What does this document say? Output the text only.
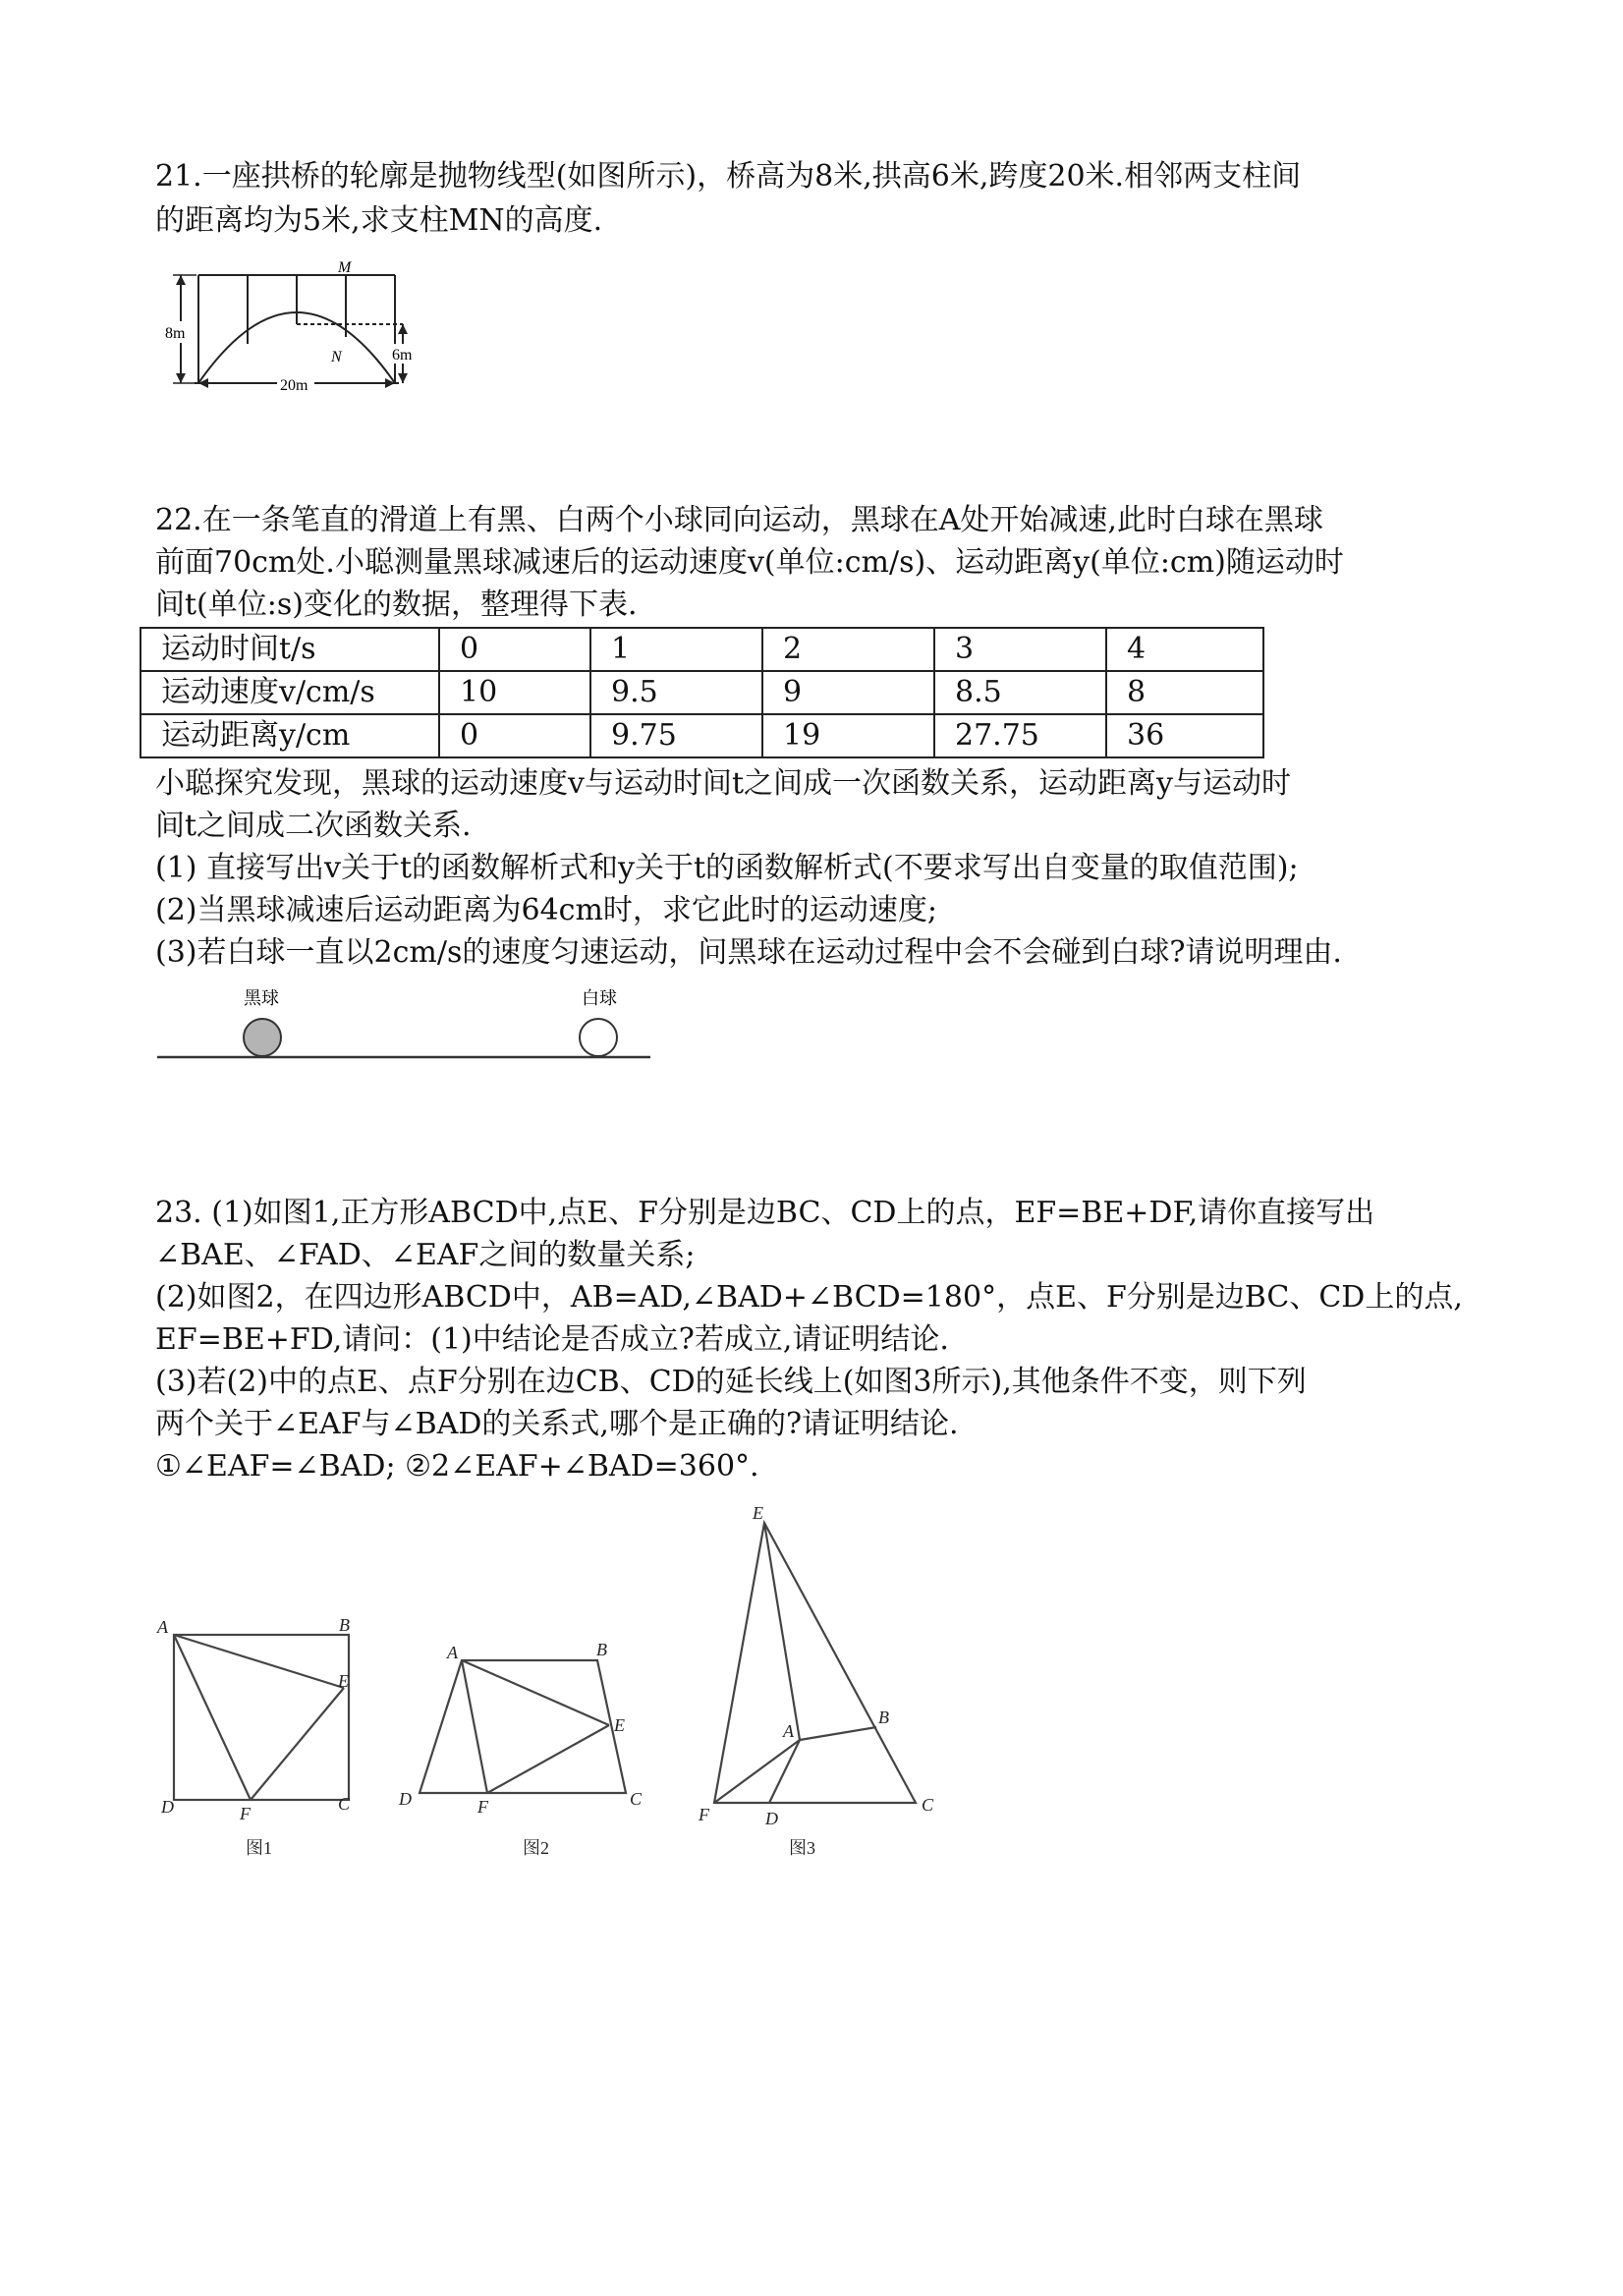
21.一座拱桥的轮廓是抛物线型(如图所示)，桥高为8米,拱高6米,跨度20米.相邻两支柱间
的距离均为5米,求支柱MN的高度.
8m
6m
20m
M
N
22.在一条笔直的滑道上有黑、白两个小球同向运动，黑球在A处开始减速,此时白球在黑球
前面70cm处.小聪测量黑球减速后的运动速度v(单位:cm/s)、运动距离y(单位:cm)随运动时
间t(单位:s)变化的数据，整理得下表.
运动时间t/s	0	1	2	3	4
运动速度v/cm/s	10	9.5	9	8.5	8
运动距离y/cm	0	9.75	19	27.75	36
小聪探究发现，黑球的运动速度v与运动时间t之间成一次函数关系，运动距离y与运动时
间t之间成二次函数关系.
(1) 直接写出v关于t的函数解析式和y关于t的函数解析式(不要求写出自变量的取值范围);
(2)当黑球减速后运动距离为64cm时，求它此时的运动速度;
(3)若白球一直以2cm/s的速度匀速运动，问黑球在运动过程中会不会碰到白球?请说明理由.
黑球	白球
23. (1)如图1,正方形ABCD中,点E、F分别是边BC、CD上的点，EF=BE+DF,请你直接写出
∠BAE、∠FAD、∠EAF之间的数量关系;
(2)如图2，在四边形ABCD中，AB=AD,∠BAD+∠BCD=180°，点E、F分别是边BC、CD上的点,
EF=BE+FD,请问：(1)中结论是否成立?若成立,请证明结论.
(3)若(2)中的点E、点F分别在边CB、CD的延长线上(如图3所示),其他条件不变，则下列
两个关于∠EAF与∠BAD的关系式,哪个是正确的?请证明结论.
①∠EAF=∠BAD; ②2∠EAF+∠BAD=360°.
A	B
E
C
D	F
图1
A	B
E
C
D	F
图2
E
A
B
C
D
F
图3
